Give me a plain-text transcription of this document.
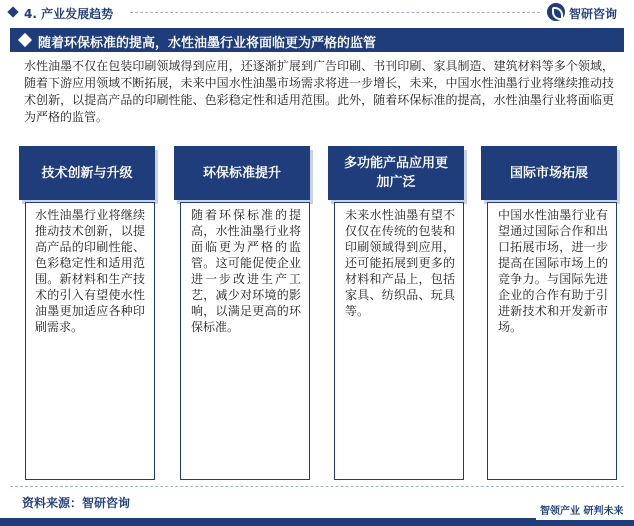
4. 产业发展趋势	智研咨询
随着环保标准的提高，水性油墨行业将面临更为严格的监管
水性油墨不仅在包装印刷领域得到应用，还逐渐扩展到广告印刷、书刊印刷、家具制造、建筑材料等多个领域，随着下游应用领域不断拓展，未来中国水性油墨市场需求将进一步增长，未来，中国水性油墨行业将继续推动技术创新，以提高产品的印刷性能、色彩稳定性和适用范围。此外，随着环保标准的提高，水性油墨行业将面临更为严格的监管。
技术创新与升级
水性油墨行业将继续推动技术创新，以提高产品的印刷性能、色彩稳定性和适用范围。新材料和生产技术的引入有望使水性油墨更加适应各种印刷需求。
环保标准提升
随着环保标准的提高，水性油墨行业将面临更为严格的监管。这可能促使企业进一步改进生产工艺，减少对环境的影响，以满足更高的环保标准。
多功能产品应用更加广泛
未来水性油墨有望不仅仅在传统的包装和印刷领域得到应用，还可能拓展到更多的材料和产品上，包括家具、纺织品、玩具等。
国际市场拓展
中国水性油墨行业有望通过国际合作和出口拓展市场，进一步提高在国际市场上的竞争力。与国际先进企业的合作有助于引进新技术和开发新市场。
资料来源：智研咨询
智领产业 研判未来
